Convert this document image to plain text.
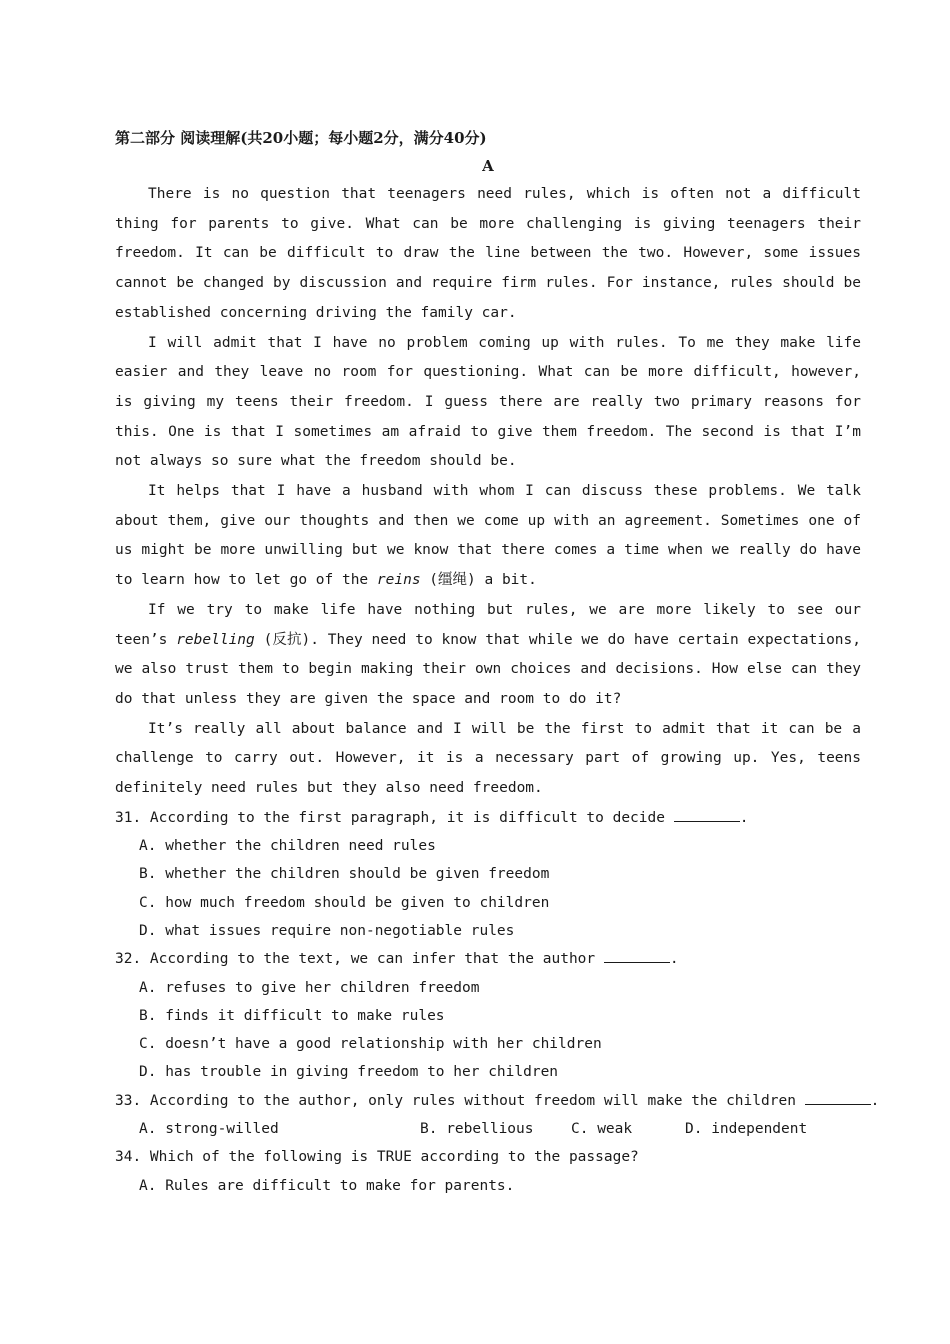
第二部分 阅读理解(共20小题；每小题2分，满分40分)
A

There is no question that teenagers need rules, which is often not a difficult thing for parents to give. What can be more challenging is giving teenagers their freedom. It can be difficult to draw the line between the two. However, some issues cannot be changed by discussion and require firm rules. For instance, rules should be established concerning driving the family car.

I will admit that I have no problem coming up with rules. To me they make life easier and they leave no room for questioning. What can be more difficult, however, is giving my teens their freedom. I guess there are really two primary reasons for this. One is that I sometimes am afraid to give them freedom. The second is that I’m not always so sure what the freedom should be.

It helps that I have a husband with whom I can discuss these problems. We talk about them, give our thoughts and then we come up with an agreement. Sometimes one of us might be more unwilling but we know that there comes a time when we really do have to learn how to let go of the reins (缰绳) a bit.

If we try to make life have nothing but rules, we are more likely to see our teen’s rebelling (反抗). They need to know that while we do have certain expectations, we also trust them to begin making their own choices and decisions. How else can they do that unless they are given the space and room to do it?

It’s really all about balance and I will be the first to admit that it can be a challenge to carry out. However, it is a necessary part of growing up. Yes, teens definitely need rules but they also need freedom.

31. According to the first paragraph, it is difficult to decide	.
A. whether the children need rules
B. whether the children should be given freedom
C. how much freedom should be given to children
D. what issues require non-negotiable rules
32. According to the text, we can infer that the author	.
A. refuses to give her children freedom
B. finds it difficult to make rules
C. doesn’t have a good relationship with her children
D. has trouble in giving freedom to her children
33. According to the author, only rules without freedom will make the children	.
A. strong-willed	B. rebellious	C. weak	D. independent
34. Which of the following is TRUE according to the passage?
A. Rules are difficult to make for parents.
